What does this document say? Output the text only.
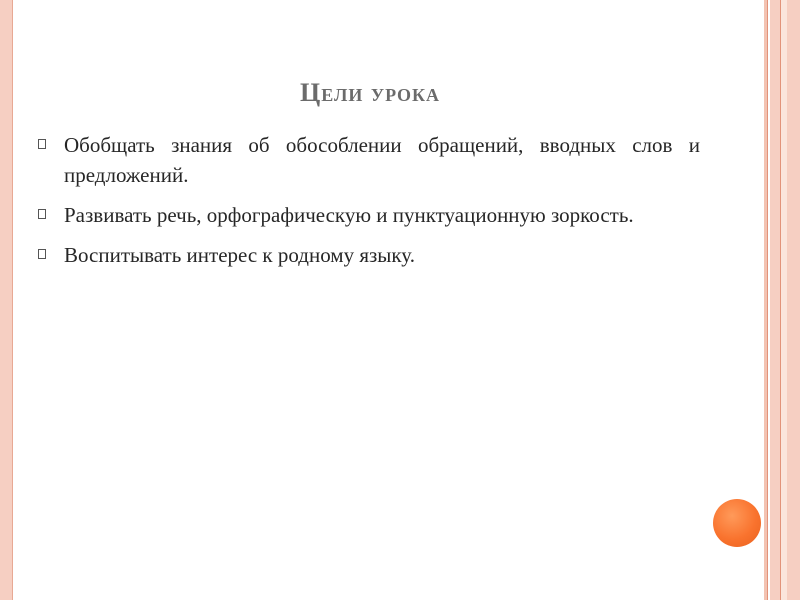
Цели урока
Обобщать знания об обособлении обращений, вводных слов и предложений.
Развивать речь, орфографическую и пунктуационную зоркость.
Воспитывать интерес к родному языку.
